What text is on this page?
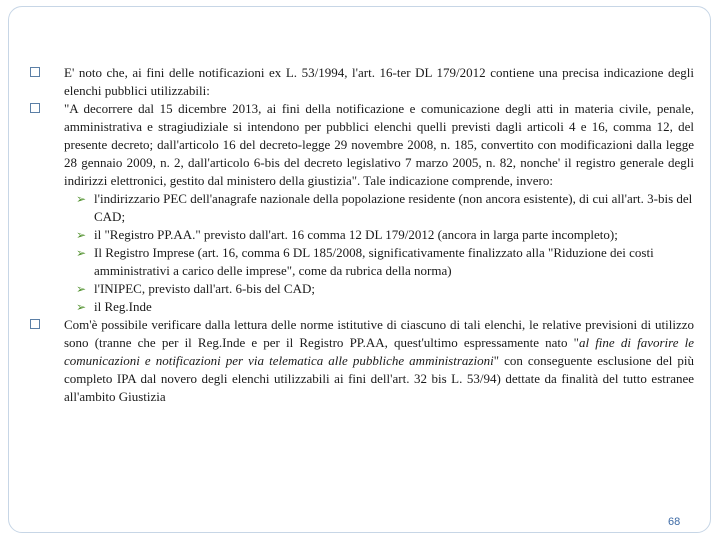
E' noto che, ai fini delle notificazioni ex L. 53/1994, l'art. 16-ter DL 179/2012 contiene una precisa indicazione degli elenchi pubblici utilizzabili:
"A decorrere dal 15 dicembre 2013, ai fini della notificazione e comunicazione degli atti in materia civile, penale, amministrativa e stragiudiziale si intendono per pubblici elenchi quelli previsti dagli articoli 4 e 16, comma 12, del presente decreto; dall'articolo 16 del decreto-legge 29 novembre 2008, n. 185, convertito con modificazioni dalla legge 28 gennaio 2009, n. 2, dall'articolo 6-bis del decreto legislativo 7 marzo 2005, n. 82, nonche' il registro generale degli indirizzi elettronici, gestito dal ministero della giustizia". Tale indicazione comprende, invero:
➢ l'indirizzario PEC dell'anagrafe nazionale della popolazione residente (non ancora esistente), di cui all'art. 3-bis del CAD;
➢ il "Registro PP.AA." previsto dall'art. 16 comma 12 DL 179/2012 (ancora in larga parte incompleto);
➢ Il Registro Imprese (art. 16, comma 6 DL 185/2008, significativamente finalizzato alla "Riduzione dei costi amministrativi a carico delle imprese", come da rubrica della norma)
➢ l'INIPEC, previsto dall'art. 6-bis del CAD;
➢ il Reg.Inde
Com'è possibile verificare dalla lettura delle norme istitutive di ciascuno di tali elenchi, le relative previsioni di utilizzo sono (tranne che per il Reg.Inde e per il Registro PP.AA, quest'ultimo espressamente nato "al fine di favorire le comunicazioni e notificazioni per via telematica alle pubbliche amministrazioni" con conseguente esclusione del più completo IPA dal novero degli elenchi utilizzabili ai fini dell'art. 32 bis L. 53/94) dettate da finalità del tutto estranee all'ambito Giustizia
68
